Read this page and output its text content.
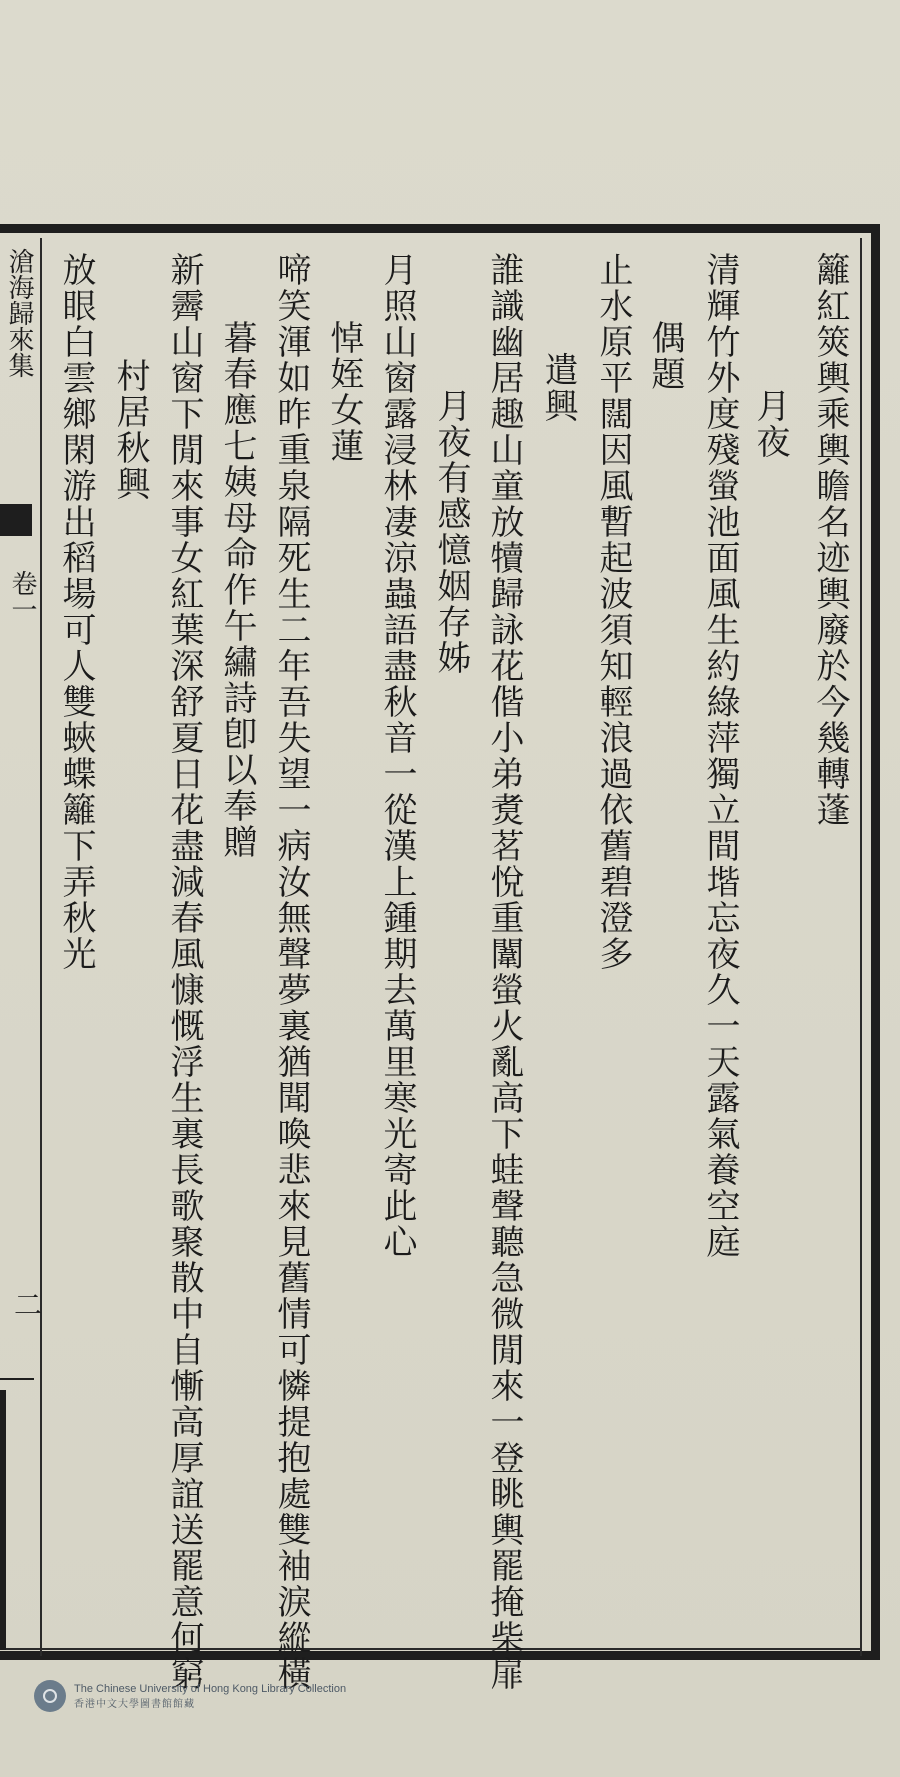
滄海歸來集
卷一
二
籬紅筴輿乘輿瞻名迹輿廢於今幾轉蓬
月夜
清輝竹外度殘螢池面風生約綠萍獨立間堦忘夜久一天露氣養空庭
偶題
止水原平闊因風暫起波須知輕浪過依舊碧澄多
遣興
誰識幽居趣山童放犢歸詠花偕小弟煑茗悅重闈螢火亂高下蛙聲聽急微閒來一登眺輿罷掩柴扉
月夜有感憶姻存姊
月照山窗露浸林凄涼蟲語盡秋音一從漢上鍾期去萬里寒光寄此心
悼姪女蓮
啼笑渾如昨重泉隔死生二年吾失望一病汝無聲夢裏猶聞喚悲來見舊情可憐提抱處雙袖淚縱橫
暮春應七姨母命作午繡詩卽以奉贈
新霽山窗下閒來事女紅葉深舒夏日花盡減春風慷慨浮生裏長歌聚散中自慚高厚誼送罷意何窮
村居秋興
放眼白雲鄉閑游出稻場可人雙蛺蝶籬下弄秋光
The Chinese University of Hong Kong Library Collection
香港中文大學圖書館館藏
